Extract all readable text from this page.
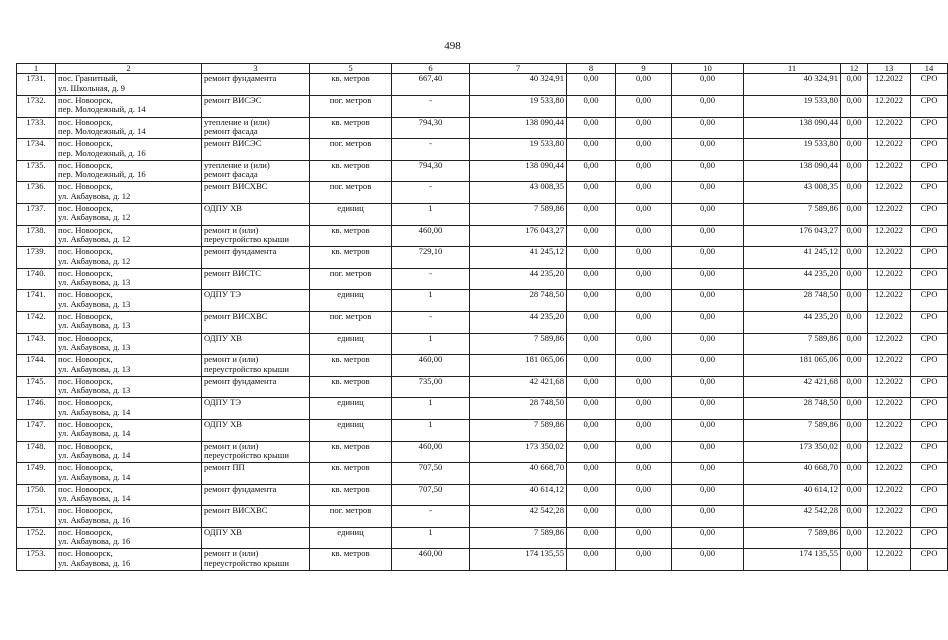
498
1	2	3	5	6	7	8	9	10	11	12	13	14
1731.	пос. Гранитный,
ул. Школьная, д. 9	ремонт фундамента	кв. метров	667,40	40 324,91	0,00	0,00	0,00	40 324,91	0,00	12.2022	СРО
1732.	пос. Новоорск,
пер. Молодежный, д. 14	ремонт ВИСЭС	пог. метров	-	19 533,80	0,00	0,00	0,00	19 533,80	0,00	12.2022	СРО
1733.	пос. Новоорск,
пер. Молодежный, д. 14	утепление и (или)
ремонт фасада	кв. метров	794,30	138 090,44	0,00	0,00	0,00	138 090,44	0,00	12.2022	СРО
1734.	пос. Новоорск,
пер. Молодежный, д. 16	ремонт ВИСЭС	пог. метров	-	19 533,80	0,00	0,00	0,00	19 533,80	0,00	12.2022	СРО
1735.	пос. Новоорск,
пер. Молодежный, д. 16	утепление и (или)
ремонт фасада	кв. метров	794,30	138 090,44	0,00	0,00	0,00	138 090,44	0,00	12.2022	СРО
1736.	пос. Новоорск,
ул. Акбаувова, д. 12	ремонт ВИСХВС	пог. метров	-	43 008,35	0,00	0,00	0,00	43 008,35	0,00	12.2022	СРО
1737.	пос. Новоорск,
ул. Акбаувова, д. 12	ОДПУ ХВ	единиц	1	7 589,86	0,00	0,00	0,00	7 589,86	0,00	12.2022	СРО
1738.	пос. Новоорск,
ул. Акбаувова, д. 12	ремонт и (или)
переустройство крыши	кв. метров	460,00	176 043,27	0,00	0,00	0,00	176 043,27	0,00	12.2022	СРО
1739.	пос. Новоорск,
ул. Акбаувова, д. 12	ремонт фундамента	кв. метров	729,10	41 245,12	0,00	0,00	0,00	41 245,12	0,00	12.2022	СРО
1740.	пос. Новоорск,
ул. Акбаувова, д. 13	ремонт ВИСТС	пог. метров	-	44 235,20	0,00	0,00	0,00	44 235,20	0,00	12.2022	СРО
1741.	пос. Новоорск,
ул. Акбаувова, д. 13	ОДПУ ТЭ	единиц	1	28 748,50	0,00	0,00	0,00	28 748,50	0,00	12.2022	СРО
1742.	пос. Новоорск,
ул. Акбаувова, д. 13	ремонт ВИСХВС	пог. метров	-	44 235,20	0,00	0,00	0,00	44 235,20	0,00	12.2022	СРО
1743.	пос. Новоорск,
ул. Акбаувова, д. 13	ОДПУ ХВ	единиц	1	7 589,86	0,00	0,00	0,00	7 589,86	0,00	12.2022	СРО
1744.	пос. Новоорск,
ул. Акбаувова, д. 13	ремонт и (или)
переустройство крыши	кв. метров	460,00	181 065,06	0,00	0,00	0,00	181 065,06	0,00	12.2022	СРО
1745.	пос. Новоорск,
ул. Акбаувова, д. 13	ремонт фундамента	кв. метров	735,00	42 421,68	0,00	0,00	0,00	42 421,68	0,00	12.2022	СРО
1746.	пос. Новоорск,
ул. Акбаувова, д. 14	ОДПУ ТЭ	единиц	1	28 748,50	0,00	0,00	0,00	28 748,50	0,00	12.2022	СРО
1747.	пос. Новоорск,
ул. Акбаувова, д. 14	ОДПУ ХВ	единиц	1	7 589,86	0,00	0,00	0,00	7 589,86	0,00	12.2022	СРО
1748.	пос. Новоорск,
ул. Акбаувова, д. 14	ремонт и (или)
переустройство крыши	кв. метров	460,00	173 350,02	0,00	0,00	0,00	173 350,02	0,00	12.2022	СРО
1749.	пос. Новоорск,
ул. Акбаувова, д. 14	ремонт ПП	кв. метров	707,50	40 668,70	0,00	0,00	0,00	40 668,70	0,00	12.2022	СРО
1750.	пос. Новоорск,
ул. Акбаувова, д. 14	ремонт фундамента	кв. метров	707,50	40 614,12	0,00	0,00	0,00	40 614,12	0,00	12.2022	СРО
1751.	пос. Новоорск,
ул. Акбаувова, д. 16	ремонт ВИСХВС	пог. метров	-	42 542,28	0,00	0,00	0,00	42 542,28	0,00	12.2022	СРО
1752.	пос. Новоорск,
ул. Акбаувова, д. 16	ОДПУ ХВ	единиц	1	7 589,86	0,00	0,00	0,00	7 589,86	0,00	12.2022	СРО
1753.	пос. Новоорск,
ул. Акбаувова, д. 16	ремонт и (или)
переустройство крыши	кв. метров	460,00	174 135,55	0,00	0,00	0,00	174 135,55	0,00	12.2022	СРО
